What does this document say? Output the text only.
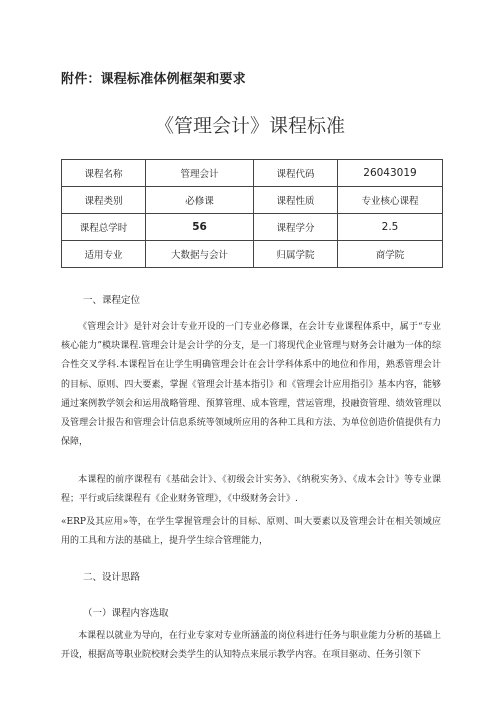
附件：课程标准体例框架和要求
《管理会计》课程标准
课程名称	管理会计	课程代码	26043019
课程类别	必修课	课程性质	专业核心课程
课程总学时	56	课程学分	2.5
适用专业	大数据与会计	归属学院	商学院
一、课程定位

《管理会计》是针对会计专业开设的一门专业必修课，在会计专业课程体系中，属于“专业核心能力”模块课程.管理会计是会计学的分支，是一门将现代企业管理与财务会计融为一体的综合性交叉学科.本课程旨在让学生明确管理会计在会计学科体系中的地位和作用，熟悉管理会计的目标、原则、四大要素，掌握《管理会计基本指引》和《管理会计应用指引》基本内容，能够通过案例教学领会和运用战略管理、预算管理、成本管理，营运管理，投融资管理、绩效管理以及管理会计报告和管理会计信息系统等领域所应用的各种工具和方法、为单位创造价值提供有力保障，

本课程的前序课程有《基础会计》、《初级会计实务》、《纳税实务》、《成本会计》等专业课程；平行或后续课程有《企业财务管理》，《中级财务会计》.

«ERP及其应用»等，在学生掌握管理会计的目标、原则、叫大要素以及管理会计在相关领域应用的工具和方法的基础上，提升学生综合管理能力，

二、设计思路
（一）课程内容选取

本课程以就业为导向，在行业专家对专业所涵盖的岗位科进行任务与职业能力分析的基础上开设，根据高等职业院校财会类学生的认知特点来展示教学内容。在项目驱动、任务引领下
